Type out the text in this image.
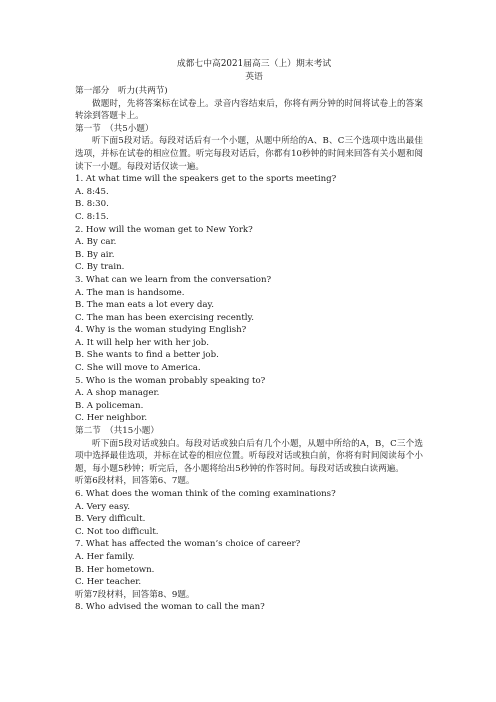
成都七中高2021届高三（上）期末考试
英语
第一部分　听力(共两节)
做题时，先将答案标在试卷上。录音内容结束后，你将有两分钟的时间将试卷上的答案转涂到答题卡上。
第一节　（共5小题）
听下面5段对话。每段对话后有一个小题，从题中所给的A、B、C三个选项中选出最佳选项，并标在试卷的相应位置。听完每段对话后，你都有10秒钟的时间来回答有关小题和阅读下一小题。每段对话仅读一遍。
1. At what time will the speakers get to the sports meeting?
A. 8:45.
B. 8:30.
C. 8:15.
2. How will the woman get to New York?
A. By car.
B. By air.
C. By train.
3. What can we learn from the conversation?
A. The man is handsome.
B. The man eats a lot every day.
C. The man has been exercising recently.
4. Why is the woman studying English?
A. It will help her with her job.
B. She wants to find a better job.
C. She will move to America.
5. Who is the woman probably speaking to?
A. A shop manager.
B. A policeman.
C. Her neighbor.
第二节　（共15小题）
听下面5段对话或独白。每段对话或独白后有几个小题，从题中所给的A，B，C三个选项中选择最佳选项，并标在试卷的相应位置。听每段对话或独白前，你将有时间阅读每个小题，每小题5秒钟；听完后，各小题将给出5秒钟的作答时间。每段对话或独白读两遍。
听第6段材料，回答第6、7题。
6. What does the woman think of the coming examinations?
A. Very easy.
B. Very difficult.
C. Not too difficult.
7. What has affected the woman’s choice of career?
A. Her family.
B. Her hometown.
C. Her teacher.
听第7段材料，回答第8、9题。
8. Who advised the woman to call the man?
